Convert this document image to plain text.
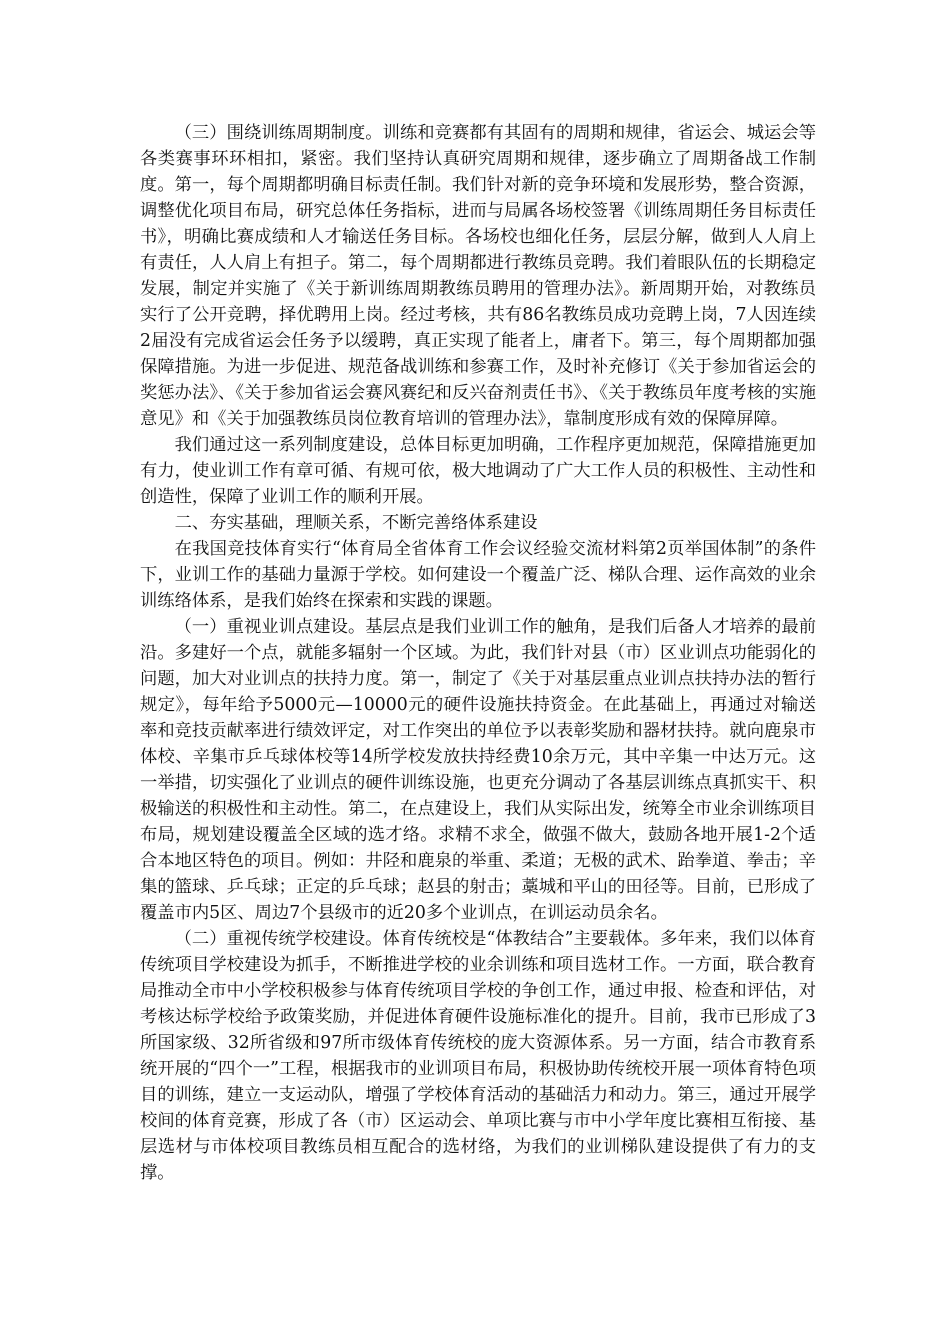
（三）围绕训练周期制度。训练和竞赛都有其固有的周期和规律，省运会、城运会等各类赛事环环相扣，紧密。我们坚持认真研究周期和规律，逐步确立了周期备战工作制度。第一，每个周期都明确目标责任制。我们针对新的竞争环境和发展形势，整合资源，调整优化项目布局，研究总体任务指标，进而与局属各场校签署《训练周期任务目标责任书》，明确比赛成绩和人才输送任务目标。各场校也细化任务，层层分解，做到人人肩上有责任，人人肩上有担子。第二，每个周期都进行教练员竞聘。我们着眼队伍的长期稳定发展，制定并实施了《关于新训练周期教练员聘用的管理办法》。新周期开始，对教练员实行了公开竞聘，择优聘用上岗。经过考核，共有86名教练员成功竞聘上岗，7人因连续2届没有完成省运会任务予以缓聘，真正实现了能者上，庸者下。第三，每个周期都加强保障措施。为进一步促进、规范备战训练和参赛工作，及时补充修订《关于参加省运会的奖惩办法》、《关于参加省运会赛风赛纪和反兴奋剂责任书》、《关于教练员年度考核的实施意见》和《关于加强教练员岗位教育培训的管理办法》，靠制度形成有效的保障屏障。

我们通过这一系列制度建设，总体目标更加明确，工作程序更加规范，保障措施更加有力，使业训工作有章可循、有规可依，极大地调动了广大工作人员的积极性、主动性和创造性，保障了业训工作的顺利开展。

二、夯实基础，理顺关系，不断完善络体系建设

在我国竞技体育实行“体育局全省体育工作会议经验交流材料第2页举国体制”的条件下，业训工作的基础力量源于学校。如何建设一个覆盖广泛、梯队合理、运作高效的业余训练络体系，是我们始终在探索和实践的课题。

（一）重视业训点建设。基层点是我们业训工作的触角，是我们后备人才培养的最前沿。多建好一个点，就能多辐射一个区域。为此，我们针对县（市）区业训点功能弱化的问题，加大对业训点的扶持力度。第一，制定了《关于对基层重点业训点扶持办法的暂行规定》，每年给予5000元—10000元的硬件设施扶持资金。在此基础上，再通过对输送率和竞技贡献率进行绩效评定，对工作突出的单位予以表彰奖励和器材扶持。就向鹿泉市体校、辛集市乒乓球体校等14所学校发放扶持经费10余万元，其中辛集一中达万元。这一举措，切实强化了业训点的硬件训练设施，也更充分调动了各基层训练点真抓实干、积极输送的积极性和主动性。第二，在点建设上，我们从实际出发，统筹全市业余训练项目布局，规划建设覆盖全区域的选才络。求精不求全，做强不做大，鼓励各地开展1-2个适合本地区特色的项目。例如：井陉和鹿泉的举重、柔道；无极的武术、跆拳道、拳击；辛集的篮球、乒乓球；正定的乒乓球；赵县的射击；藁城和平山的田径等。目前，已形成了覆盖市内5区、周边7个县级市的近20多个业训点，在训运动员余名。

（二）重视传统学校建设。体育传统校是“体教结合”主要载体。多年来，我们以体育传统项目学校建设为抓手，不断推进学校的业余训练和项目选材工作。一方面，联合教育局推动全市中小学校积极参与体育传统项目学校的争创工作，通过申报、检查和评估，对考核达标学校给予政策奖励，并促进体育硬件设施标准化的提升。目前，我市已形成了3所国家级、32所省级和97所市级体育传统校的庞大资源体系。另一方面，结合市教育系统开展的“四个一”工程，根据我市的业训项目布局，积极协助传统校开展一项体育特色项目的训练，建立一支运动队，增强了学校体育活动的基础活力和动力。第三，通过开展学校间的体育竞赛，形成了各（市）区运动会、单项比赛与市中小学年度比赛相互衔接、基层选材与市体校项目教练员相互配合的选材络，为我们的业训梯队建设提供了有力的支撑。
